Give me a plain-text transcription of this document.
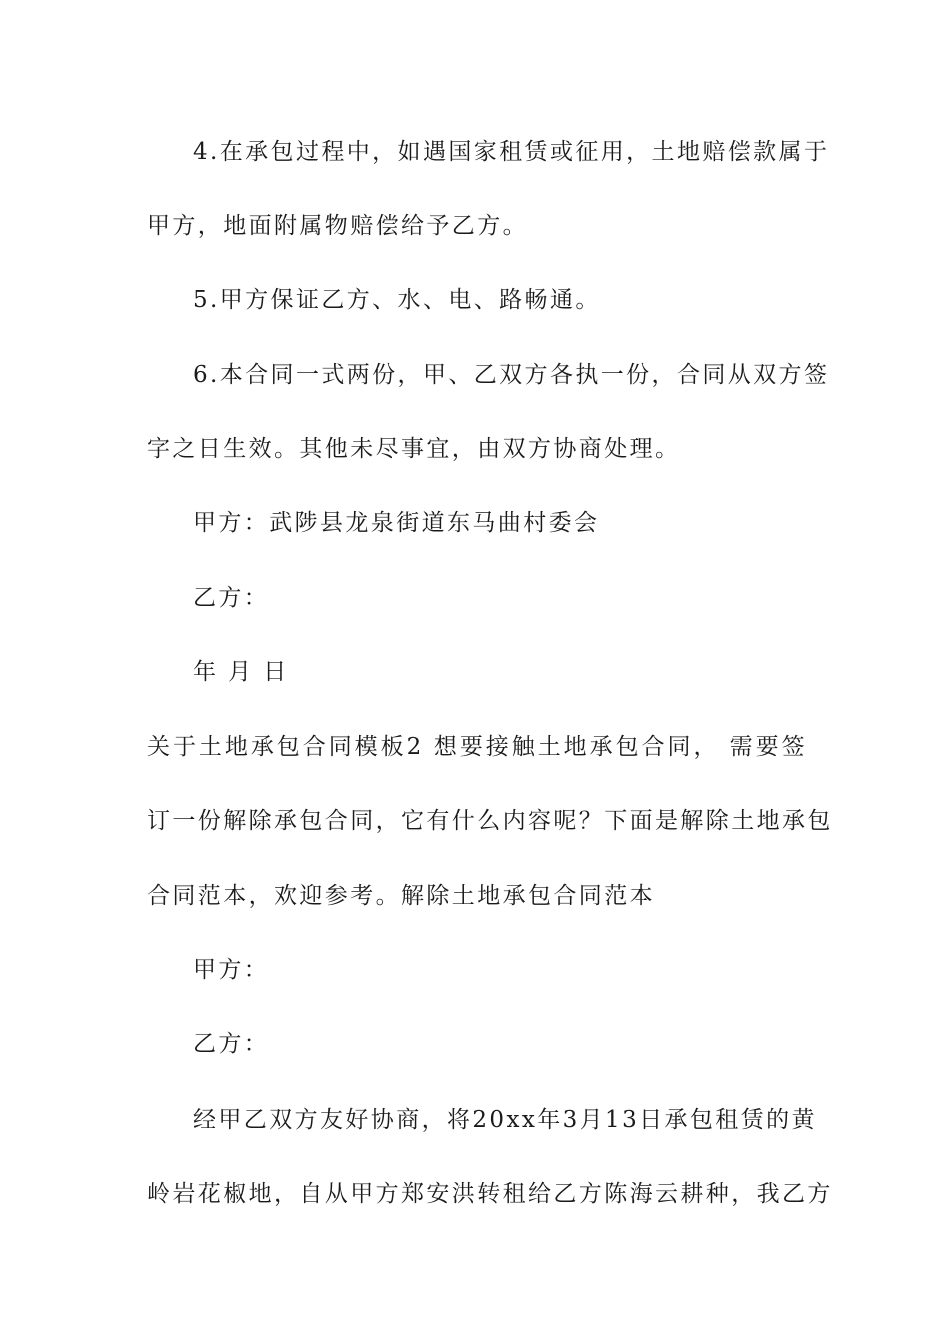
4.在承包过程中，如遇国家租赁或征用，土地赔偿款属于
甲方，地面附属物赔偿给予乙方。
5.甲方保证乙方、水、电、路畅通。
6.本合同一式两份，甲、乙双方各执一份，合同从双方签
字之日生效。其他未尽事宜，由双方协商处理。
甲方：武陟县龙泉街道东马曲村委会
乙方：
年 月 日
关于土地承包合同模板2 想要接触土地承包合同， 需要签
订一份解除承包合同，它有什么内容呢？下面是解除土地承包
合同范本，欢迎参考。解除土地承包合同范本
甲方：
乙方：
经甲乙双方友好协商，将20xx年3月13日承包租赁的黄
岭岩花椒地，自从甲方郑安洪转租给乙方陈海云耕种，我乙方
